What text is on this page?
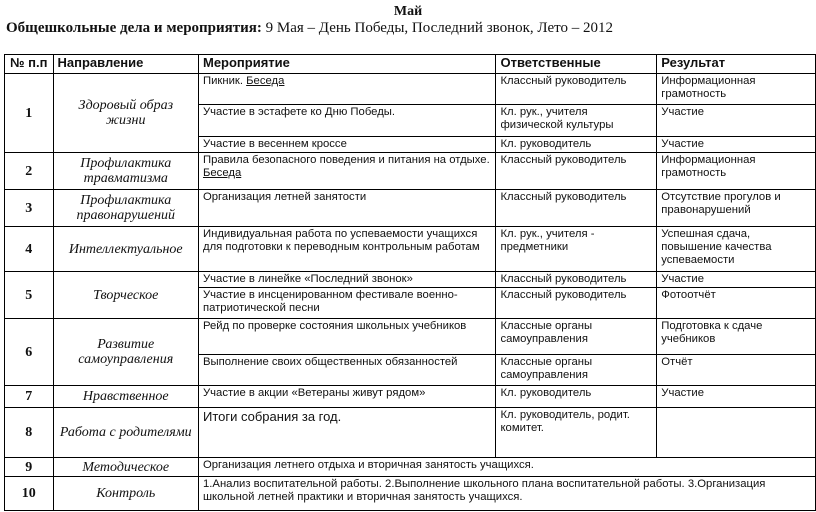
Май
Общешкольные дела и мероприятия: 9 Мая – День Победы, Последний звонок, Лето – 2012
№ п.п	Направление	Мероприятие	Ответственные	Результат
1	Здоровый образ жизни	Пикник. Беседа	Классный руководитель	Информационная грамотность
		Участие в эстафете ко Дню Победы.	Кл. рук., учителя физической культуры	Участие
		Участие в весеннем кроссе	Кл. руководитель	Участие
2	Профилактика травматизма	Правила безопасного поведения и питания на отдыхе. Беседа	Классный руководитель	Информационная грамотность
3	Профилактика правонарушений	Организация летней занятости	Классный руководитель	Отсутствие прогулов и правонарушений
4	Интеллектуальное	Индивидуальная работа по успеваемости учащихся для подготовки к переводным контрольным работам	Кл. рук., учителя - предметники	Успешная сдача, повышение качества успеваемости
5	Творческое	Участие в линейке «Последний звонок»	Классный руководитель	Участие
		Участие в инсценированном фестивале военно-патриотической песни	Классный руководитель	Фотоотчёт
6	Развитие самоуправления	Рейд по проверке состояния школьных учебников	Классные органы самоуправления	Подготовка к сдаче учебников
		Выполнение своих общественных обязанностей	Классные органы самоуправления	Отчёт
7	Нравственное	Участие в акции «Ветераны живут рядом»	Кл. руководитель	Участие
8	Работа с родителями	Итоги собрания за год.	Кл. руководитель, родит. комитет.	
9	Методическое	Организация летнего отдыха и вторичная занятость учащихся.		
10	Контроль	1.Анализ воспитательной работы. 2.Выполнение школьного плана воспитательной работы. 3.Организация школьной летней практики и вторичная занятость учащихся.		
